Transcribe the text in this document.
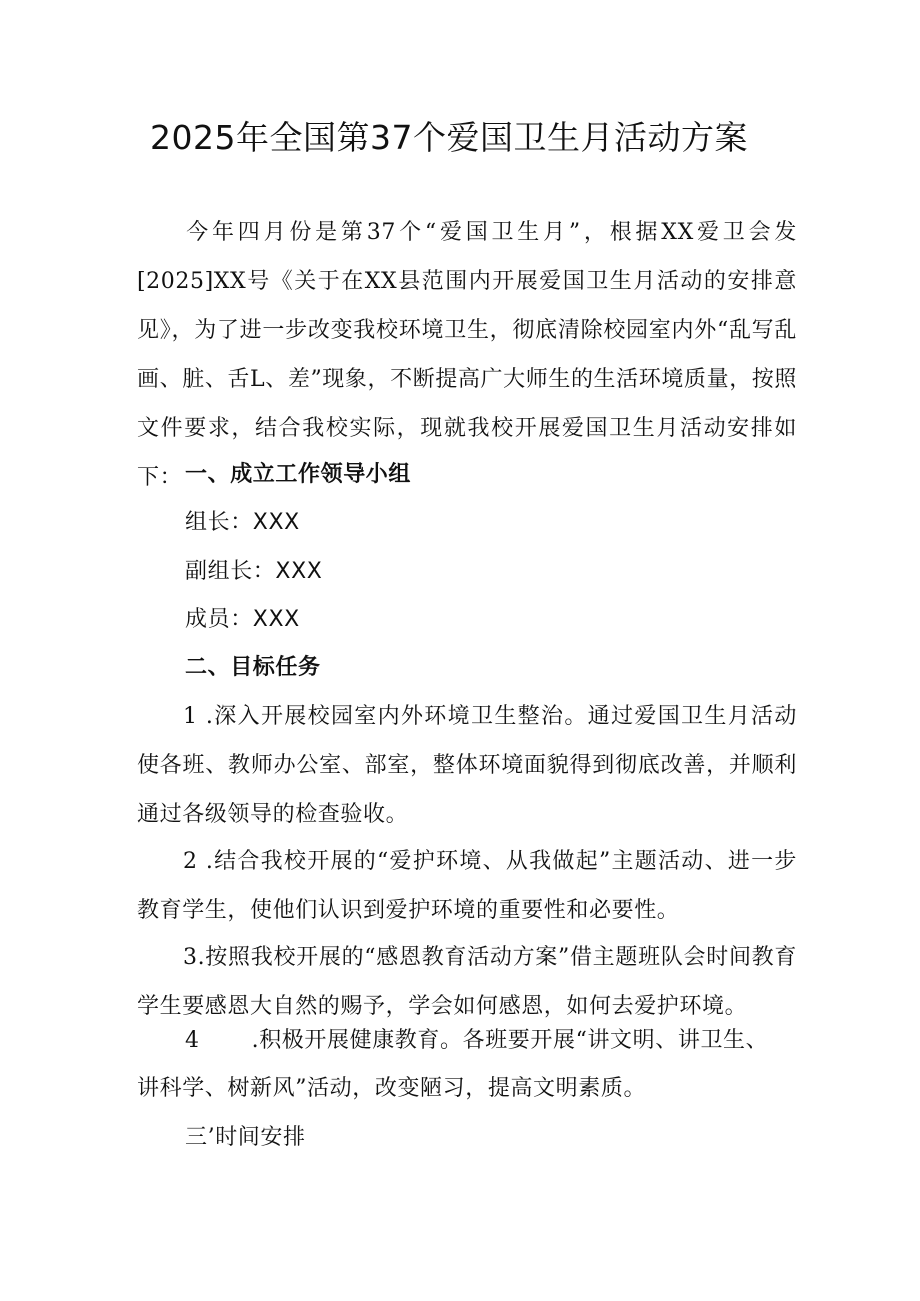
2025年全国第37个爱国卫生月活动方案
今年四月份是第37个“爱国卫生月”，根据XX爱卫会发[2025]XX号《关于在XX县范围内开展爱国卫生月活动的安排意见》，为了进一步改变我校环境卫生，彻底清除校园室内外“乱写乱画、脏、舌L、差”现象，不断提高广大师生的生活环境质量，按照文件要求，结合我校实际，现就我校开展爱国卫生月活动安排如下： 一、成立工作领导小组
组长：XXX
副组长：XXX
成员：XXX
二、目标任务
1 .深入开展校园室内外环境卫生整治。通过爱国卫生月活动使各班、教师办公室、部室，整体环境面貌得到彻底改善，并顺利通过各级领导的检查验收。
2 .结合我校开展的“爱护环境、从我做起”主题活动、进一步教育学生，使他们认识到爱护环境的重要性和必要性。
3.按照我校开展的“感恩教育活动方案”借主题班队会时间教育学生要感恩大自然的赐予，学会如何感恩，如何去爱护环境。
4 .积极开展健康教育。各班要开展“讲文明、讲卫生、
讲科学、树新风”活动，改变陋习，提高文明素质。
三’时间安排
